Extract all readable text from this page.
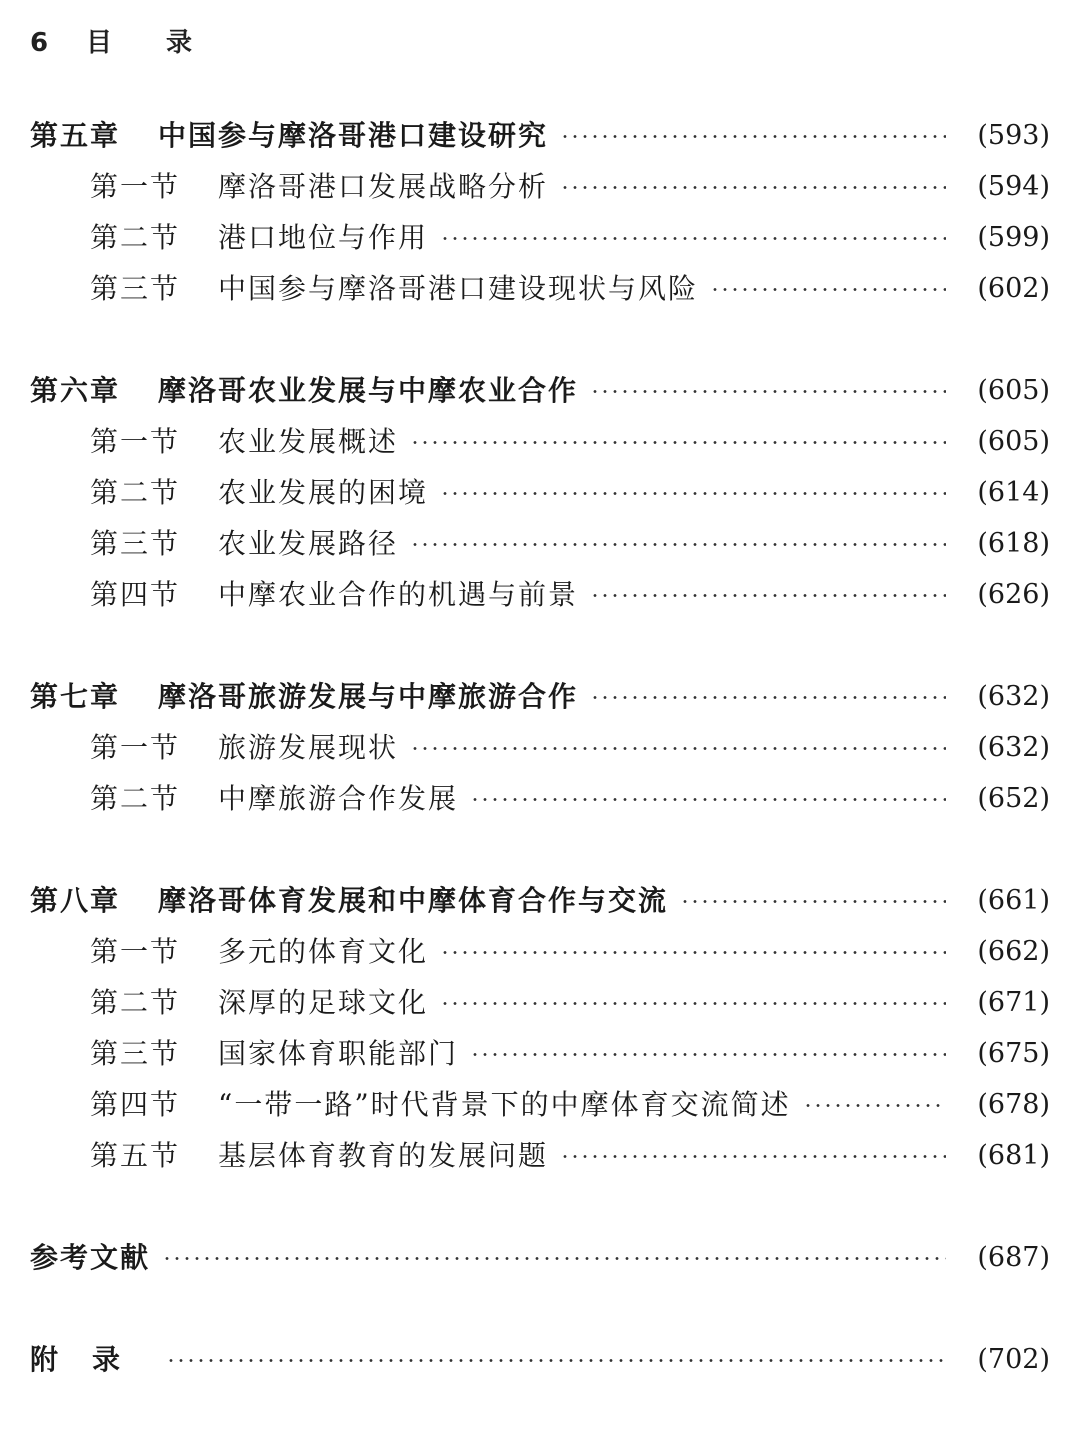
6 目 录
第五章	中国参与摩洛哥港口建设研究	(593)
第一节	摩洛哥港口发展战略分析	(594)
第二节	港口地位与作用	(599)
第三节	中国参与摩洛哥港口建设现状与风险	(602)
第六章	摩洛哥农业发展与中摩农业合作	(605)
第一节	农业发展概述	(605)
第二节	农业发展的困境	(614)
第三节	农业发展路径	(618)
第四节	中摩农业合作的机遇与前景	(626)
第七章	摩洛哥旅游发展与中摩旅游合作	(632)
第一节	旅游发展现状	(632)
第二节	中摩旅游合作发展	(652)
第八章	摩洛哥体育发展和中摩体育合作与交流	(661)
第一节	多元的体育文化	(662)
第二节	深厚的足球文化	(671)
第三节	国家体育职能部门	(675)
第四节	“一带一路”时代背景下的中摩体育交流简述	(678)
第五节	基层体育教育的发展问题	(681)
参考文献	(687)
附录	(702)
